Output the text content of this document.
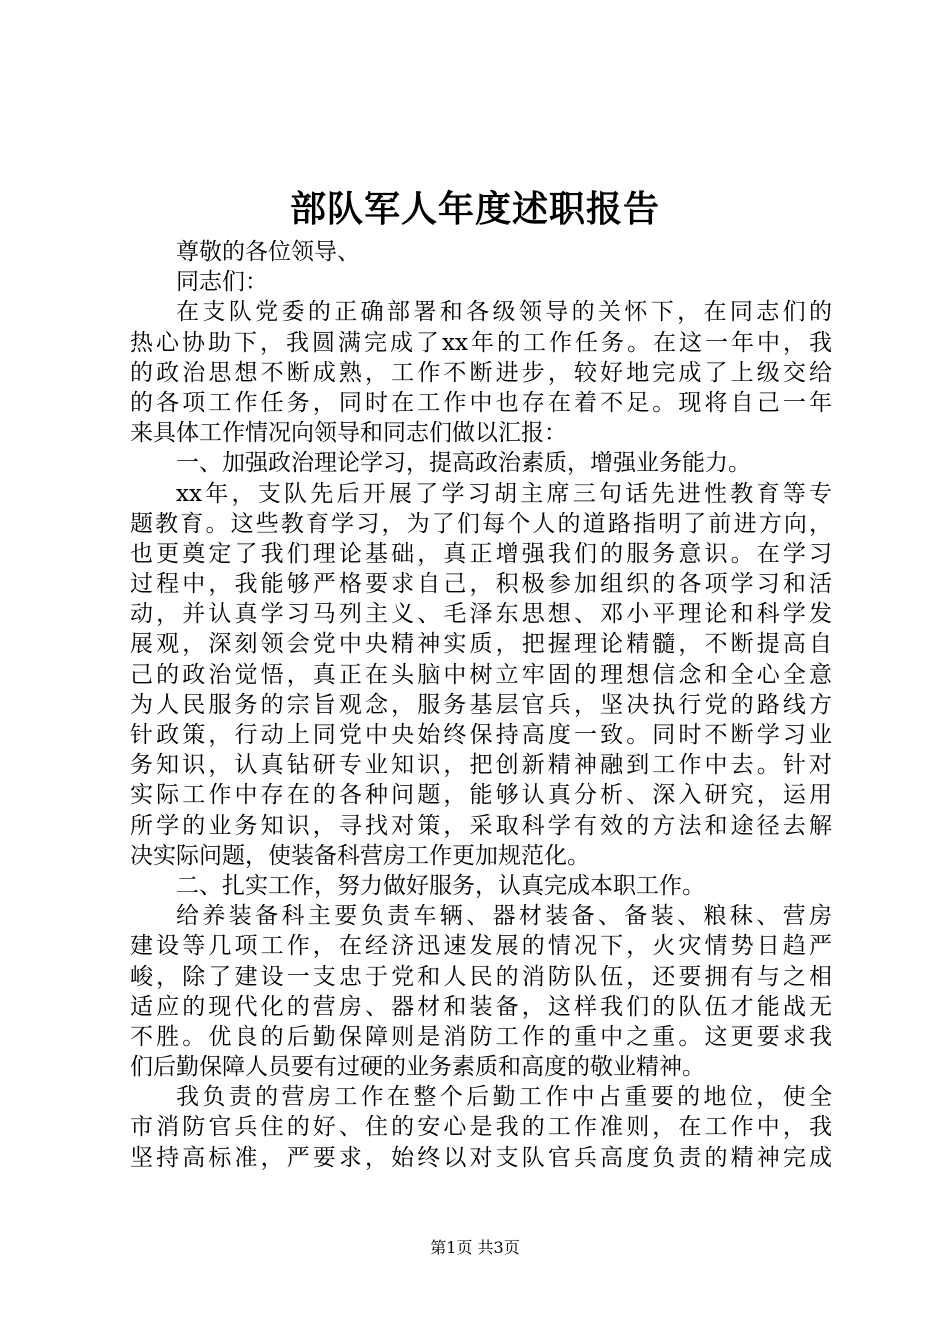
部队军人年度述职报告
尊敬的各位领导、
同志们：
在支队党委的正确部署和各级领导的关怀下，在同志们的
热心协助下，我圆满完成了xx年的工作任务。在这一年中，我
的政治思想不断成熟，工作不断进步，较好地完成了上级交给
的各项工作任务，同时在工作中也存在着不足。现将自己一年
来具体工作情况向领导和同志们做以汇报：
一、加强政治理论学习，提高政治素质，增强业务能力。
xx年，支队先后开展了学习胡主席三句话先进性教育等专
题教育。这些教育学习，为了们每个人的道路指明了前进方向，
也更奠定了我们理论基础，真正增强我们的服务意识。在学习
过程中，我能够严格要求自己，积极参加组织的各项学习和活
动，并认真学习马列主义、毛泽东思想、邓小平理论和科学发
展观，深刻领会党中央精神实质，把握理论精髓，不断提高自
己的政治觉悟，真正在头脑中树立牢固的理想信念和全心全意
为人民服务的宗旨观念，服务基层官兵，坚决执行党的路线方
针政策，行动上同党中央始终保持高度一致。同时不断学习业
务知识，认真钻研专业知识，把创新精神融到工作中去。针对
实际工作中存在的各种问题，能够认真分析、深入研究，运用
所学的业务知识，寻找对策，采取科学有效的方法和途径去解
决实际问题，使装备科营房工作更加规范化。
二、扎实工作，努力做好服务，认真完成本职工作。
给养装备科主要负责车辆、器材装备、备装、粮秣、营房
建设等几项工作，在经济迅速发展的情况下，火灾情势日趋严
峻，除了建设一支忠于党和人民的消防队伍，还要拥有与之相
适应的现代化的营房、器材和装备，这样我们的队伍才能战无
不胜。优良的后勤保障则是消防工作的重中之重。这更要求我
们后勤保障人员要有过硬的业务素质和高度的敬业精神。
我负责的营房工作在整个后勤工作中占重要的地位，使全
市消防官兵住的好、住的安心是我的工作准则，在工作中，我
坚持高标准，严要求，始终以对支队官兵高度负责的精神完成
第1页 共3页
